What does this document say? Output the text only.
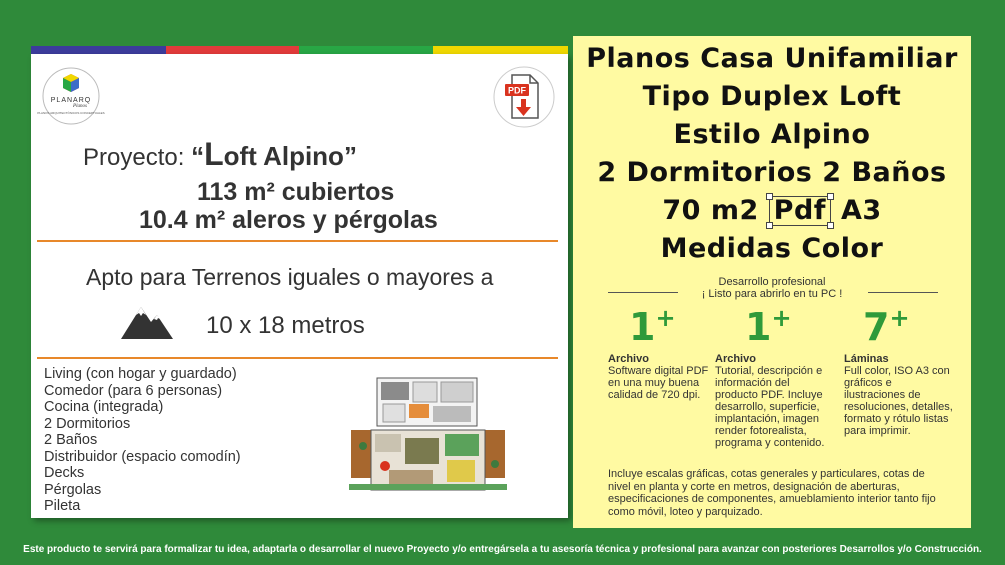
PLANARQ
Planos
PLANOS ARQUITECTÓNICOS CONCEPTUALES
PDF
Proyecto: “Loft Alpino”
113 m² cubiertos
10.4 m² aleros y pérgolas
Apto para Terrenos iguales o mayores a
10 x 18 metros
Living (con hogar y guardado)
Comedor (para 6 personas)
Cocina (integrada)
2 Dormitorios
2 Baños
Distribuidor (espacio comodín)
Decks
Pérgolas
Pileta
Planos Casa Unifamiliar
Tipo Duplex Loft
Estilo Alpino
2 Dormitorios 2 Baños
70 m2 Pdf A3
Medidas Color
Desarrollo profesional
¡ Listo para abrirlo en tu PC !
1+ 1+ 7+
Archivo
Software digital PDF en una muy buena calidad de 720 dpi.
Archivo
Tutorial, descripción e información del producto PDF. Incluye desarrollo, superficie, implantación, imagen render fotorealista, programa y contenido.
Láminas
Full color, ISO A3 con gráficos e ilustraciones de resoluciones, detalles, formato y rótulo listas para imprimir.
Incluye escalas gráficas, cotas generales y particulares, cotas de nivel en planta y corte en metros, designación de aberturas, especificaciones de componentes, amueblamiento interior tanto fijo como móvil, loteo y parquizado.
Este producto te servirá para formalizar tu idea, adaptarla o desarrollar el nuevo Proyecto y/o entregársela a tu asesoría técnica y profesional para avanzar con posteriores Desarrollos y/o Construcción.
